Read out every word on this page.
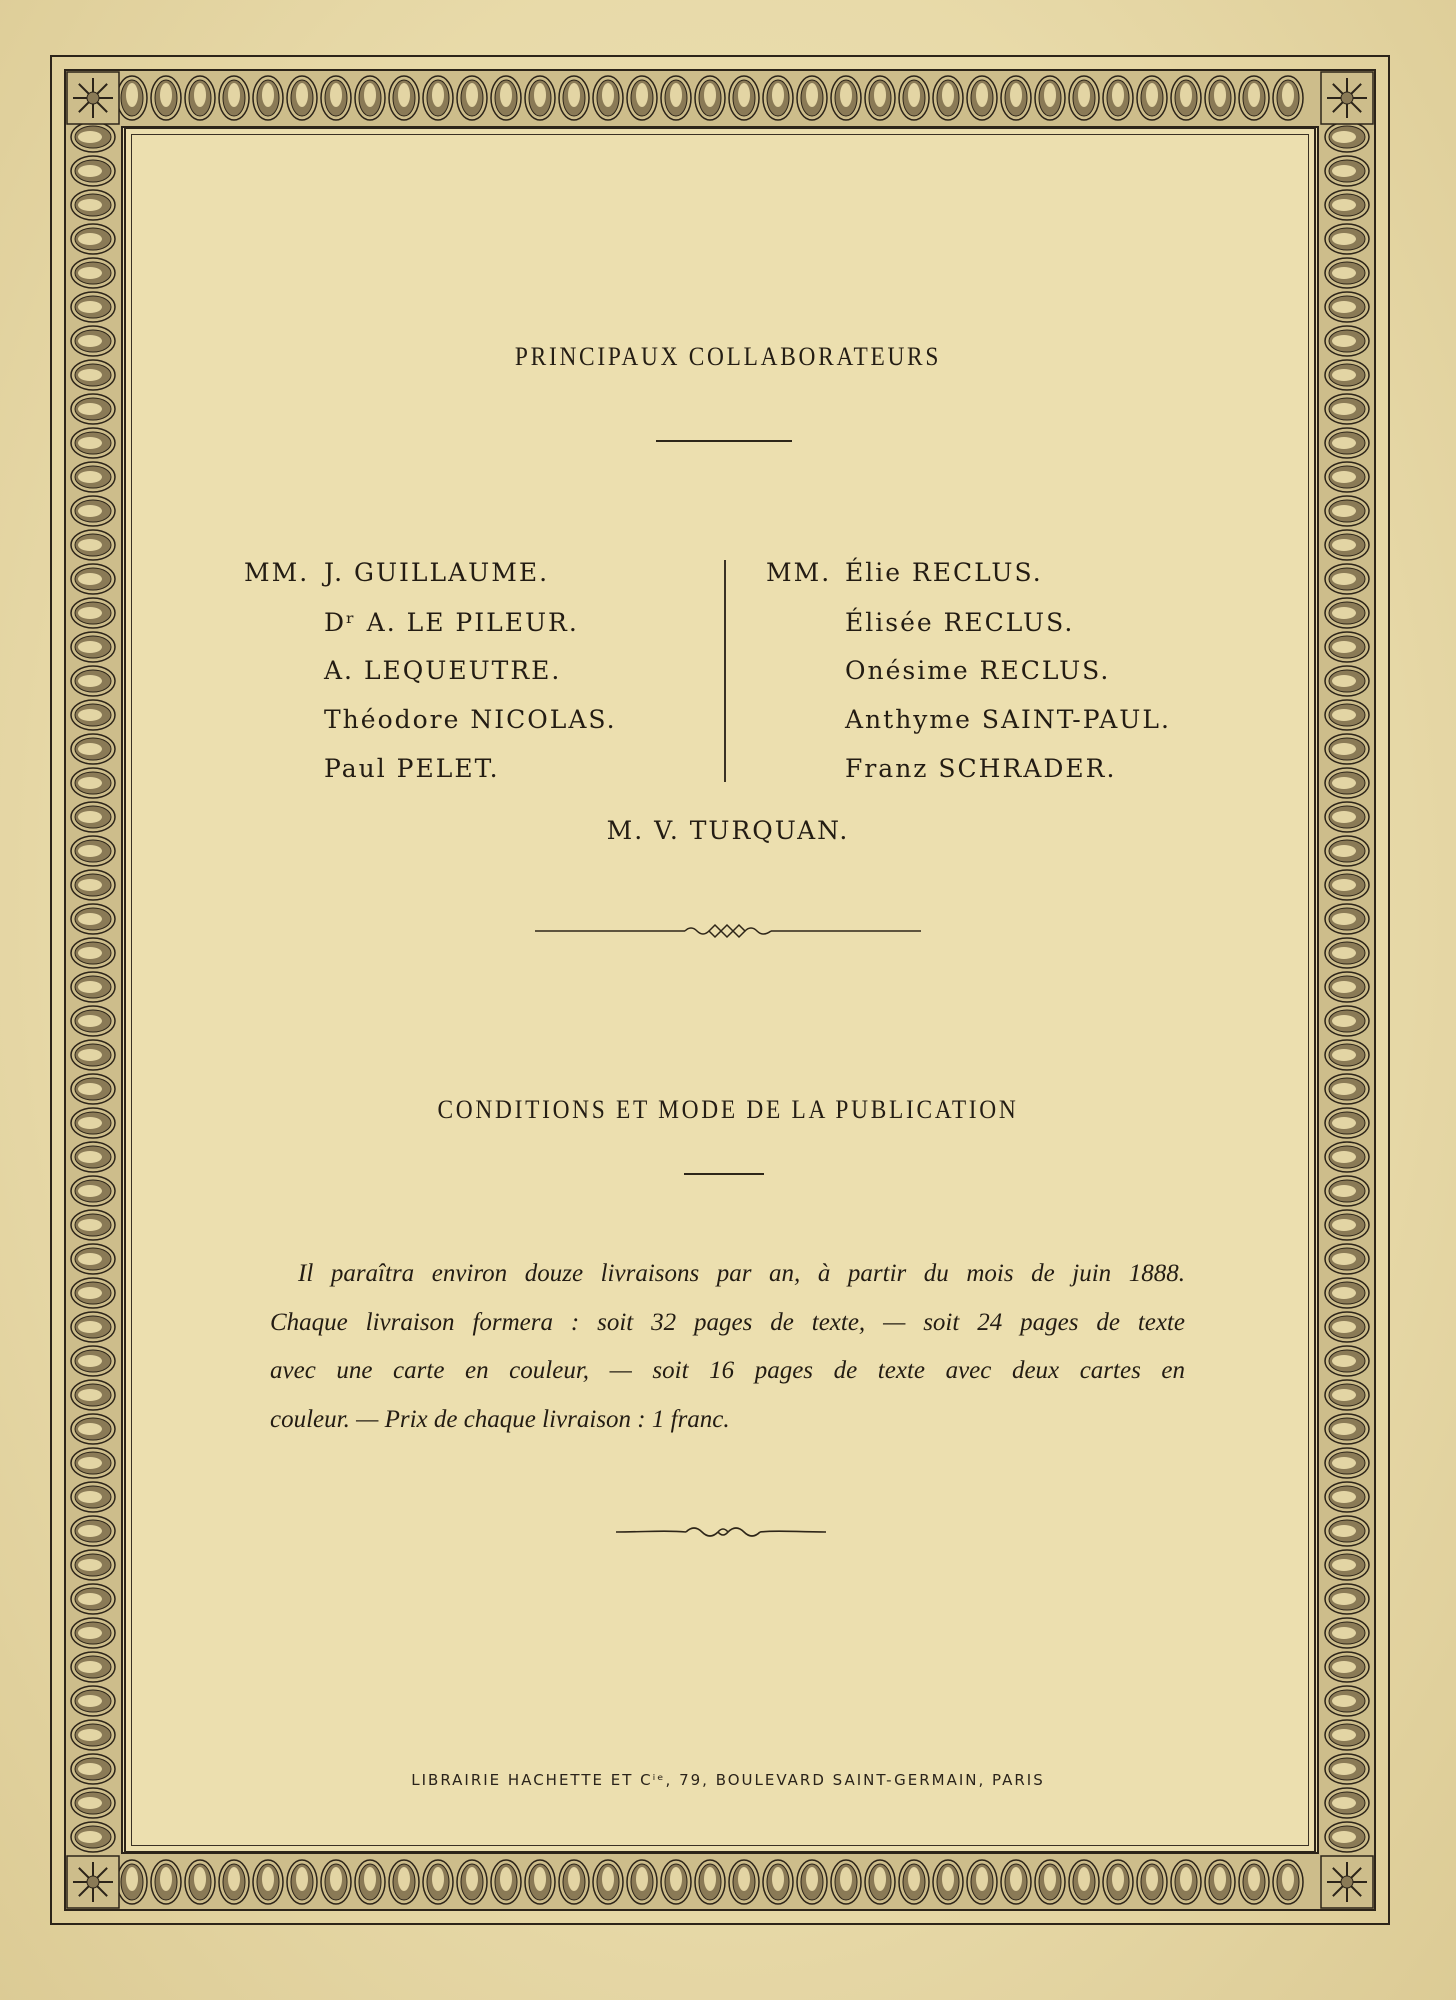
PRINCIPAUX COLLABORATEURS
MM. J. GUILLAUME.
Dʳ A. LE PILEUR.
A. LEQUEUTRE.
Théodore NICOLAS.
Paul PELET.
MM. Élie RECLUS.
Élisée RECLUS.
Onésime RECLUS.
Anthyme SAINT-PAUL.
Franz SCHRADER.
M. V. TURQUAN.
CONDITIONS ET MODE DE LA PUBLICATION
Il paraîtra environ douze livraisons par an, à partir du mois de juin 1888.
Chaque livraison formera : soit 32 pages de texte, — soit 24 pages de texte
avec une carte en couleur, — soit 16 pages de texte avec deux cartes en
couleur. — Prix de chaque livraison : 1 franc.
LIBRAIRIE HACHETTE ET Cⁱᵉ, 79, BOULEVARD SAINT-GERMAIN, PARIS
